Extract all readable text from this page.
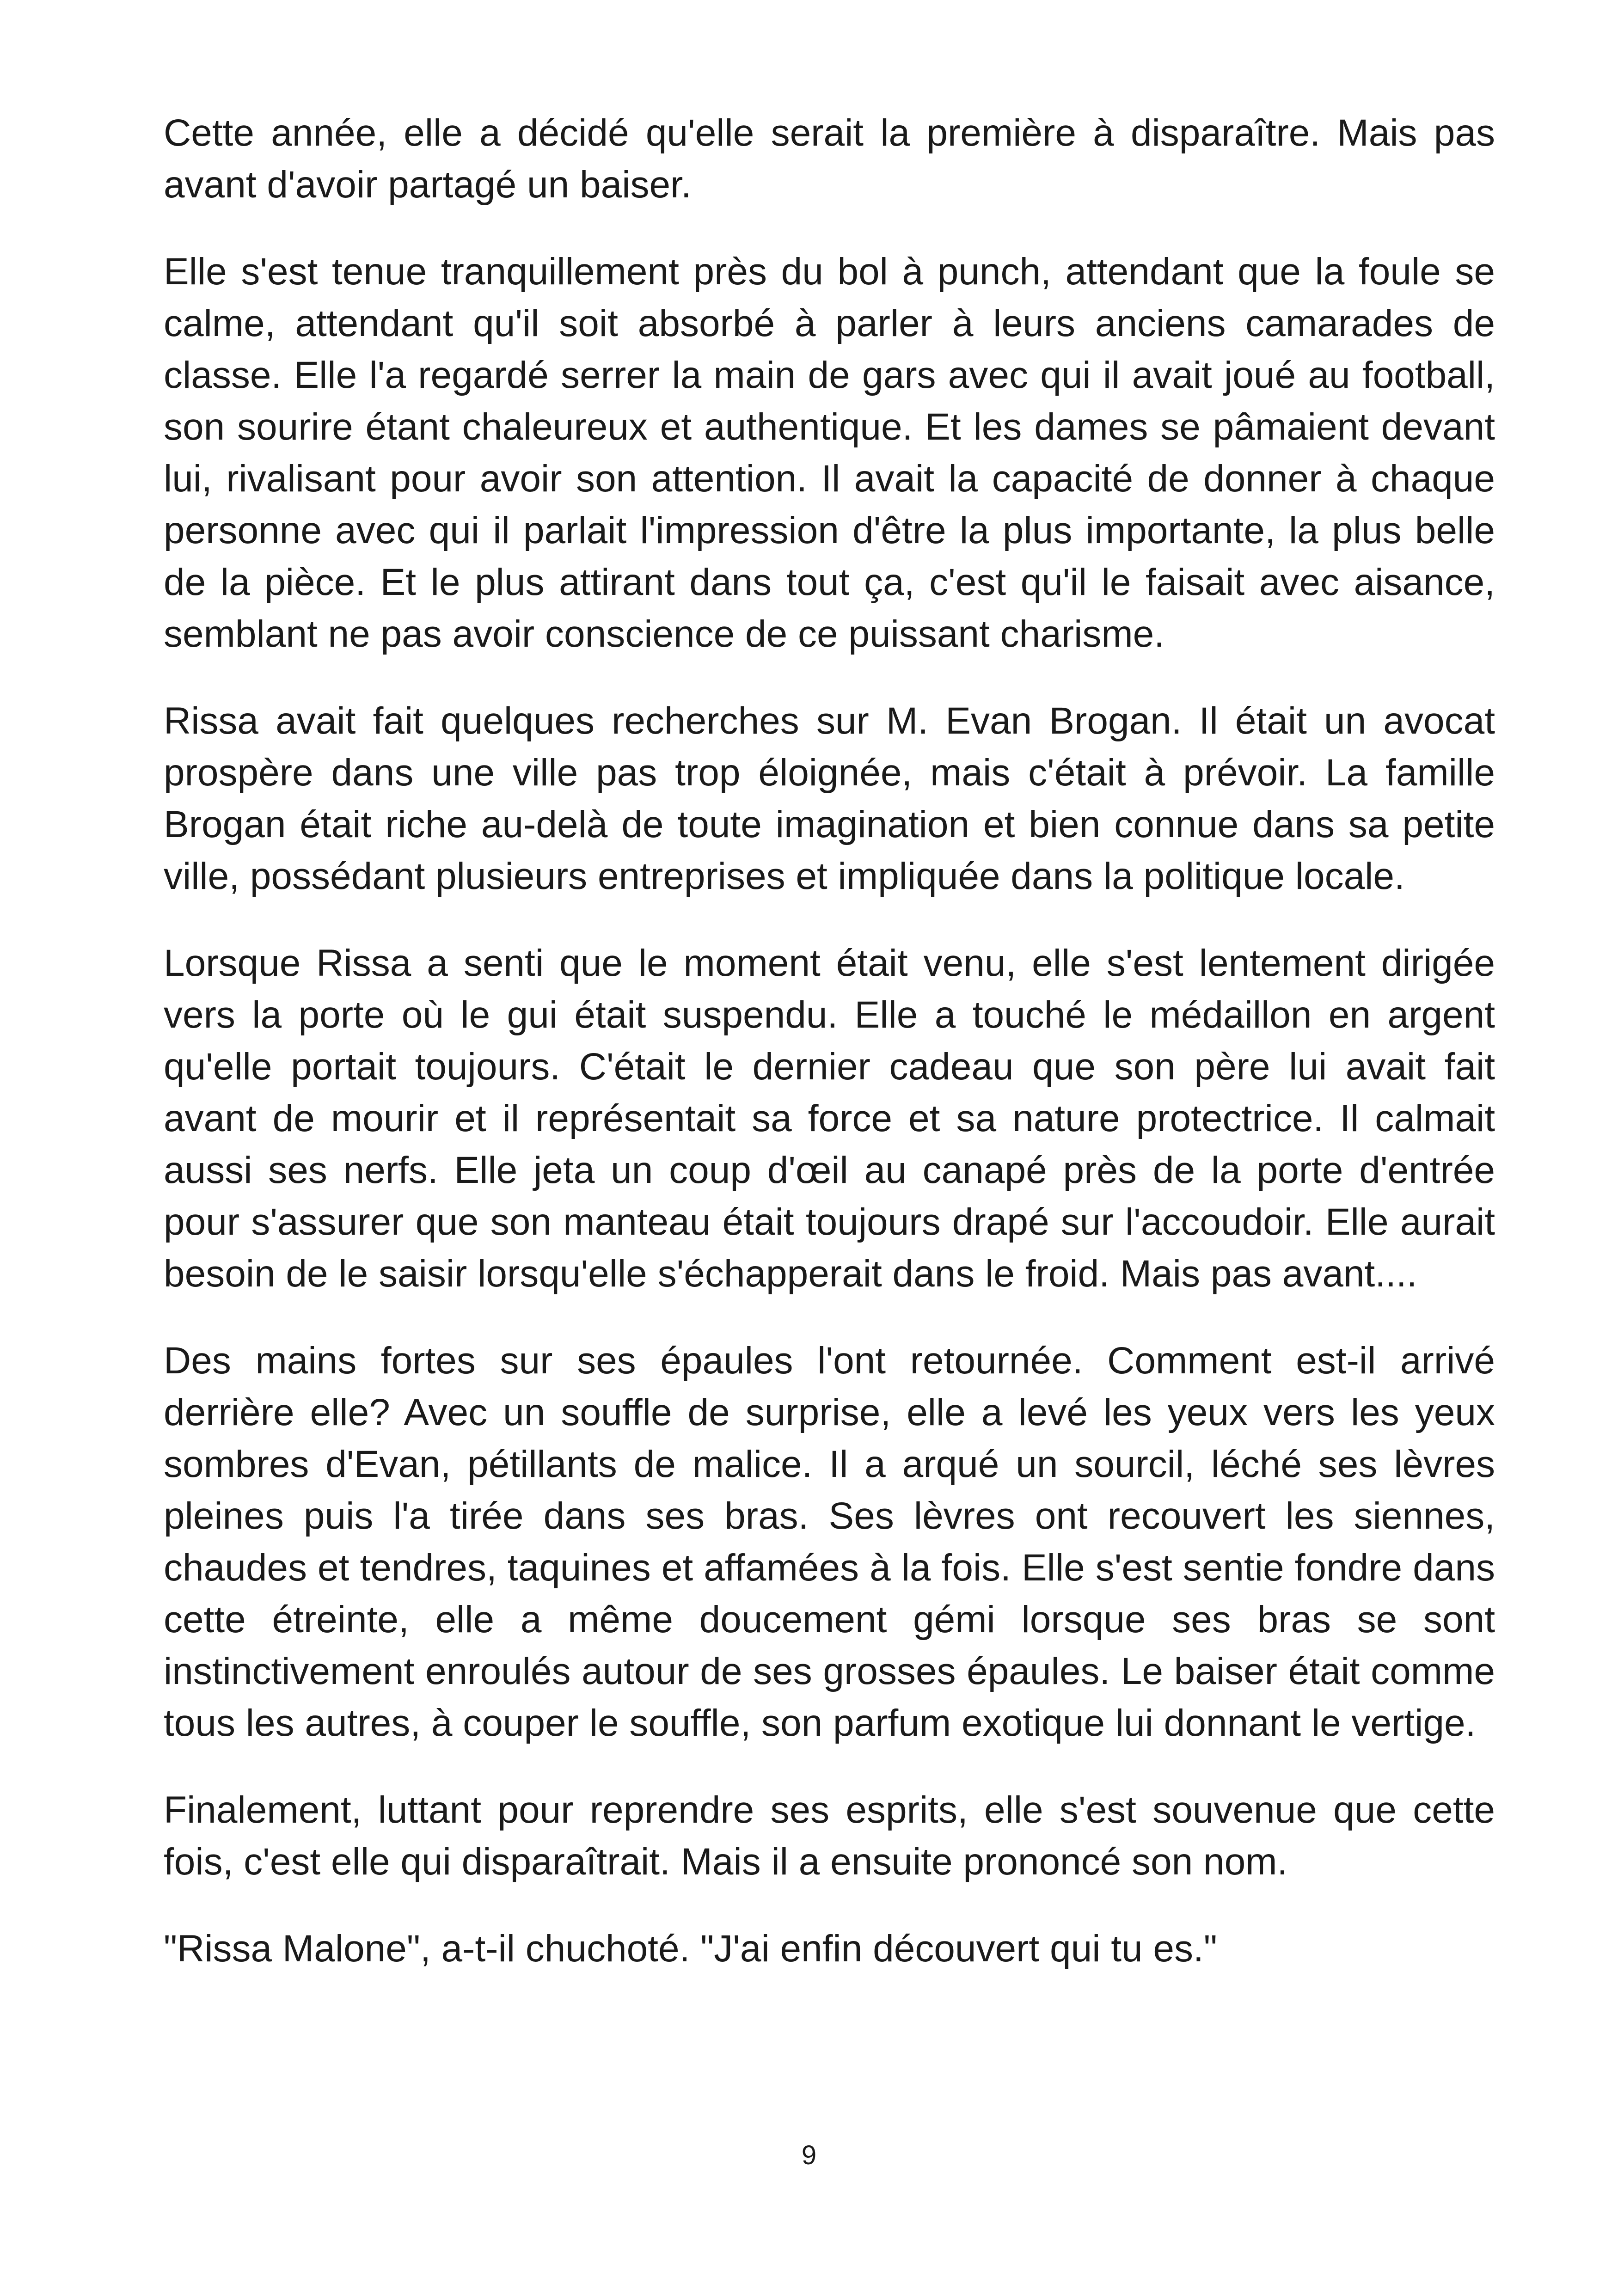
Cette année, elle a décidé qu'elle serait la première à disparaître. Mais pas avant d'avoir partagé un baiser.

Elle s'est tenue tranquillement près du bol à punch, attendant que la foule se calme, attendant qu'il soit absorbé à parler à leurs anciens camarades de classe. Elle l'a regardé serrer la main de gars avec qui il avait joué au football, son sourire étant chaleureux et authentique. Et les dames se pâmaient devant lui, rivalisant pour avoir son attention. Il avait la capacité de donner à chaque personne avec qui il parlait l'impression d'être la plus importante, la plus belle de la pièce. Et le plus attirant dans tout ça, c'est qu'il le faisait avec aisance, semblant ne pas avoir conscience de ce puissant charisme.

Rissa avait fait quelques recherches sur M. Evan Brogan. Il était un avocat prospère dans une ville pas trop éloignée, mais c'était à prévoir. La famille Brogan était riche au-delà de toute imagination et bien connue dans sa petite ville, possédant plusieurs entreprises et impliquée dans la politique locale.

Lorsque Rissa a senti que le moment était venu, elle s'est lentement dirigée vers la porte où le gui était suspendu. Elle a touché le médaillon en argent qu'elle portait toujours. C'était le dernier cadeau que son père lui avait fait avant de mourir et il représentait sa force et sa nature protectrice. Il calmait aussi ses nerfs. Elle jeta un coup d'œil au canapé près de la porte d'entrée pour s'assurer que son manteau était toujours drapé sur l'accoudoir. Elle aurait besoin de le saisir lorsqu'elle s'échapperait dans le froid. Mais pas avant....

Des mains fortes sur ses épaules l'ont retournée. Comment est-il arrivé derrière elle? Avec un souffle de surprise, elle a levé les yeux vers les yeux sombres d'Evan, pétillants de malice. Il a arqué un sourcil, léché ses lèvres pleines puis l'a tirée dans ses bras. Ses lèvres ont recouvert les siennes, chaudes et tendres, taquines et affamées à la fois. Elle s'est sentie fondre dans cette étreinte, elle a même doucement gémi lorsque ses bras se sont instinctivement enroulés autour de ses grosses épaules. Le baiser était comme tous les autres, à couper le souffle, son parfum exotique lui donnant le vertige.

Finalement, luttant pour reprendre ses esprits, elle s'est souvenue que cette fois, c'est elle qui disparaîtrait. Mais il a ensuite prononcé son nom.

"Rissa Malone", a-t-il chuchoté. "J'ai enfin découvert qui tu es."

9
